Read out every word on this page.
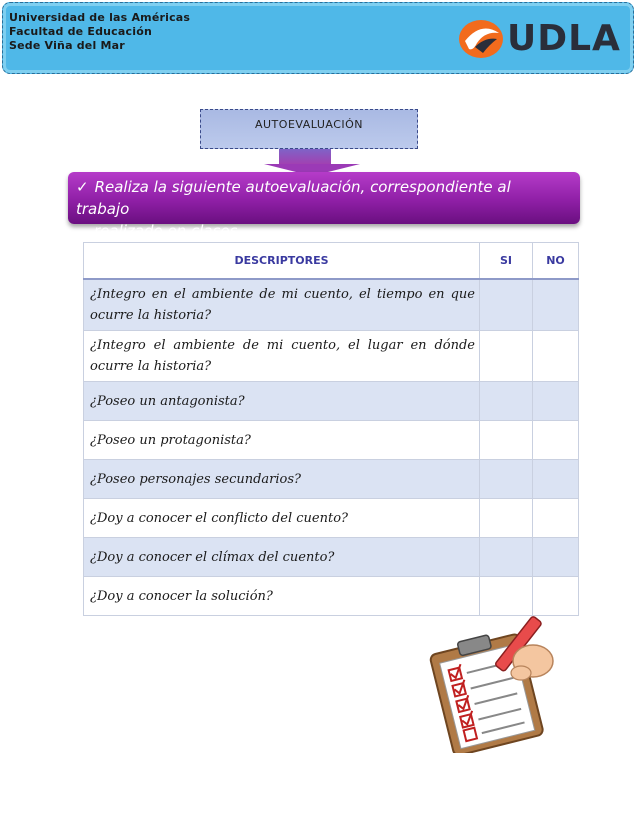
Universidad de las Américas
Facultad de Educación
Sede Viña del Mar	UDLA
AUTOEVALUACIÓN
✓ Realiza la siguiente autoevaluación, correspondiente al trabajo
realizado en clases.
DESCRIPTORES	SI	NO
¿Integro en el ambiente de mi cuento, el tiempo en que ocurre la historia?		
¿Integro el ambiente de mi cuento, el lugar en dónde ocurre la historia?		
¿Poseo un antagonista?		
¿Poseo un protagonista?		
¿Poseo personajes secundarios?		
¿Doy a conocer el conflicto del cuento?		
¿Doy a conocer el clímax del cuento?		
¿Doy a conocer la solución?		
